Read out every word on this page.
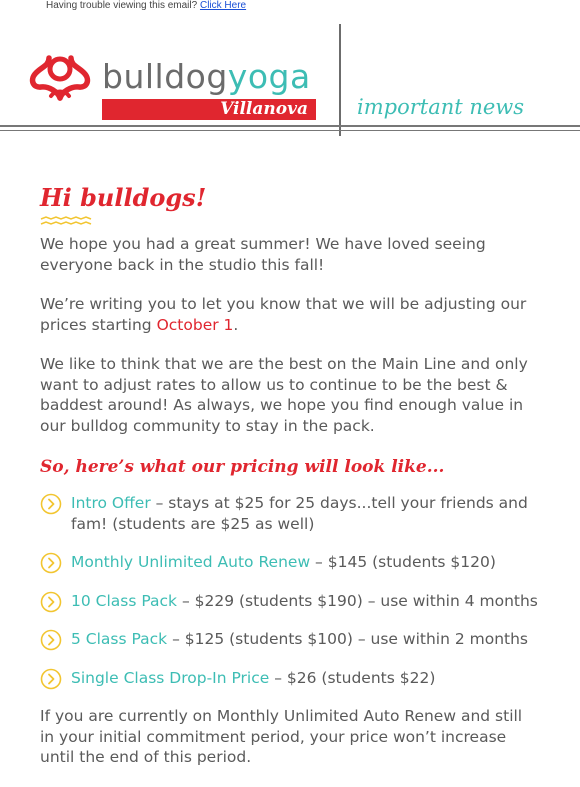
Having trouble viewing this email? Click Here
bulldogyoga
Villanova	important news
Hi bulldogs!

We hope you had a great summer! We have loved seeing everyone back in the studio this fall!

We’re writing you to let you know that we will be adjusting our prices starting October 1.

We like to think that we are the best on the Main Line and only want to adjust rates to allow us to continue to be the best & baddest around! As always, we hope you find enough value in our bulldog community to stay in the pack.

So, here’s what our pricing will look like...
Intro Offer – stays at $25 for 25 days...tell your friends and fam! (students are $25 as well)
Monthly Unlimited Auto Renew – $145 (students $120)
10 Class Pack – $229 (students $190) – use within 4 months
5 Class Pack – $125 (students $100) – use within 2 months
Single Class Drop-In Price – $26 (students $22)

If you are currently on Monthly Unlimited Auto Renew and still in your initial commitment period, your price won’t increase until the end of this period.
